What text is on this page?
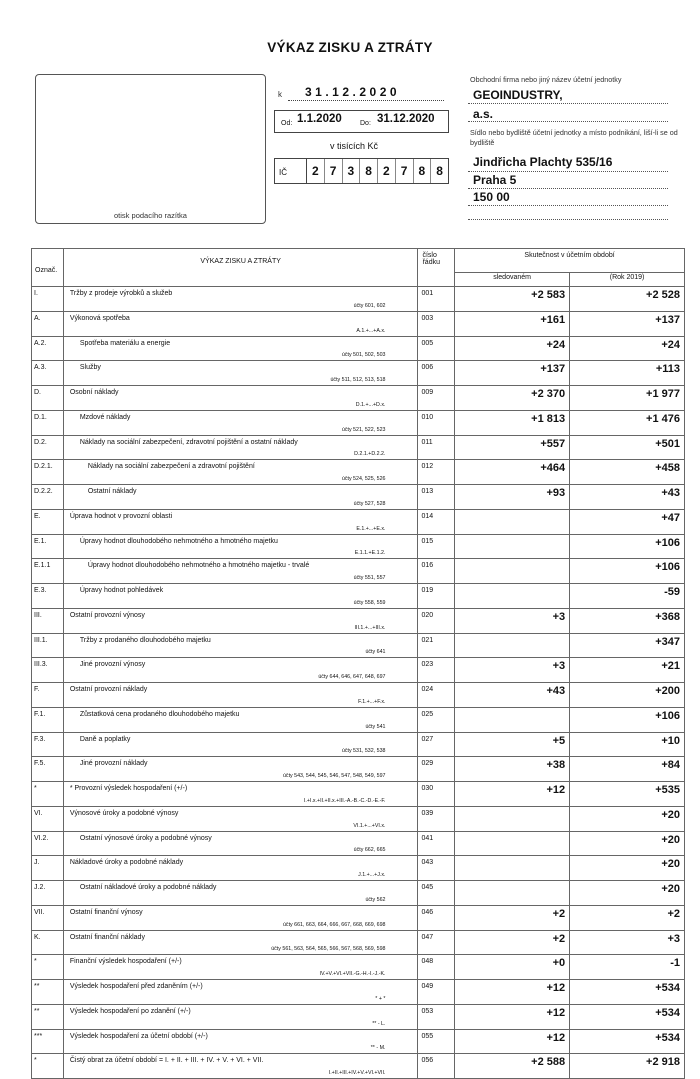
VÝKAZ ZISKU A ZTRÁTY
otisk podacího razítka
k 31.12.2020
Od: 1.1.2020	Do: 31.12.2020
v tisících Kč
IČ	2 7 3 8 2 7 8 8
Obchodní firma nebo jiný název účetní jednotky
GEOINDUSTRY,
a.s.
Sídlo nebo bydliště účetní jednotky a místo podnikání, liší-li se od bydliště
Jindřicha Plachty 535/16
Praha 5
150 00
Označ.	VÝKAZ ZISKU A ZTRÁTY	číslo řádku	Skutečnost v účetním období	
			sledovaném	(Rok 2019)
I.	Tržby z prodeje výrobků a služeb
účty 601, 602	001	+2 583	+2 528
A.	Výkonová spotřeba
A.1.+...+A.x.	003	+161	+137
A.2.	Spotřeba materiálu a energie
účty 501, 502, 503	005	+24	+24
A.3.	Služby
účty 511, 512, 513, 518	006	+137	+113
D.	Osobní náklady
D.1.+...+D.x.	009	+2 370	+1 977
D.1.	Mzdové náklady
účty 521, 522, 523	010	+1 813	+1 476
D.2.	Náklady na sociální zabezpečení, zdravotní pojištění a ostatní náklady
D.2.1.+D.2.2.	011	+557	+501
D.2.1.	Náklady na sociální zabezpečení a zdravotní pojištění
účty 524, 525, 526	012	+464	+458
D.2.2.	Ostatní náklady
účty 527, 528	013	+93	+43
E.	Úprava hodnot v provozní oblasti
E.1.+...+E.x.	014		+47
E.1.	Úpravy hodnot dlouhodobého nehmotného a hmotného majetku
E.1.1.+E.1.2.	015		+106
E.1.1	Úpravy hodnot dlouhodobého nehmotného a hmotného majetku - trvalé
účty 551, 557	016		+106
E.3.	Úpravy hodnot pohledávek
účty 558, 559	019		-59
III.	Ostatní provozní výnosy
III.1.+...+III.x.	020	+3	+368
III.1.	Tržby z prodaného dlouhodobého majetku
účty 641	021		+347
III.3.	Jiné provozní výnosy
účty 644, 646, 647, 648, 697	023	+3	+21
F.	Ostatní provozní náklady
F.1.+...+F.x.	024	+43	+200
F.1.	Zůstatková cena prodaného dlouhodobého majetku
účty 541	025		+106
F.3.	Daně a poplatky
účty 531, 532, 538	027	+5	+10
F.5.	Jiné provozní náklady
účty 543, 544, 545, 546, 547, 548, 549, 597	029	+38	+84
*	* Provozní výsledek hospodaření (+/-)
I.+I.x.+II.+II.x.+III.-A.-B.-C.-D.-E.-F.	030	+12	+535
VI.	Výnosové úroky a podobné výnosy
VI.1.+...+VI.x.	039		+20
VI.2.	Ostatní výnosové úroky a podobné výnosy
účty 662, 665	041		+20
J.	Nákladové úroky a podobné náklady
J.1.+...+J.x.	043		+20
J.2.	Ostatní nákladové úroky a podobné náklady
účty 562	045		+20
VII.	Ostatní finanční výnosy
účty 661, 663, 664, 666, 667, 668, 669, 698	046	+2	+2
K.	Ostatní finanční náklady
účty 561, 563, 564, 565, 566, 567, 568, 569, 598	047	+2	+3
*	Finanční výsledek hospodaření (+/-)
IV.+V.+VI.+VII.-G.-H.-I.-J.-K.	048	+0	-1
**	Výsledek hospodaření před zdaněním (+/-)
* + *	049	+12	+534
**	Výsledek hospodaření po zdanění (+/-)
** - L.	053	+12	+534
***	Výsledek hospodaření za účetní období (+/-)
** - M.	055	+12	+534
*	Čistý obrat za účetní období = I. + II. + III. + IV. + V. + VI. + VII.
I.+II.+III.+IV.+V.+VI.+VII.	056	+2 588	+2 918
